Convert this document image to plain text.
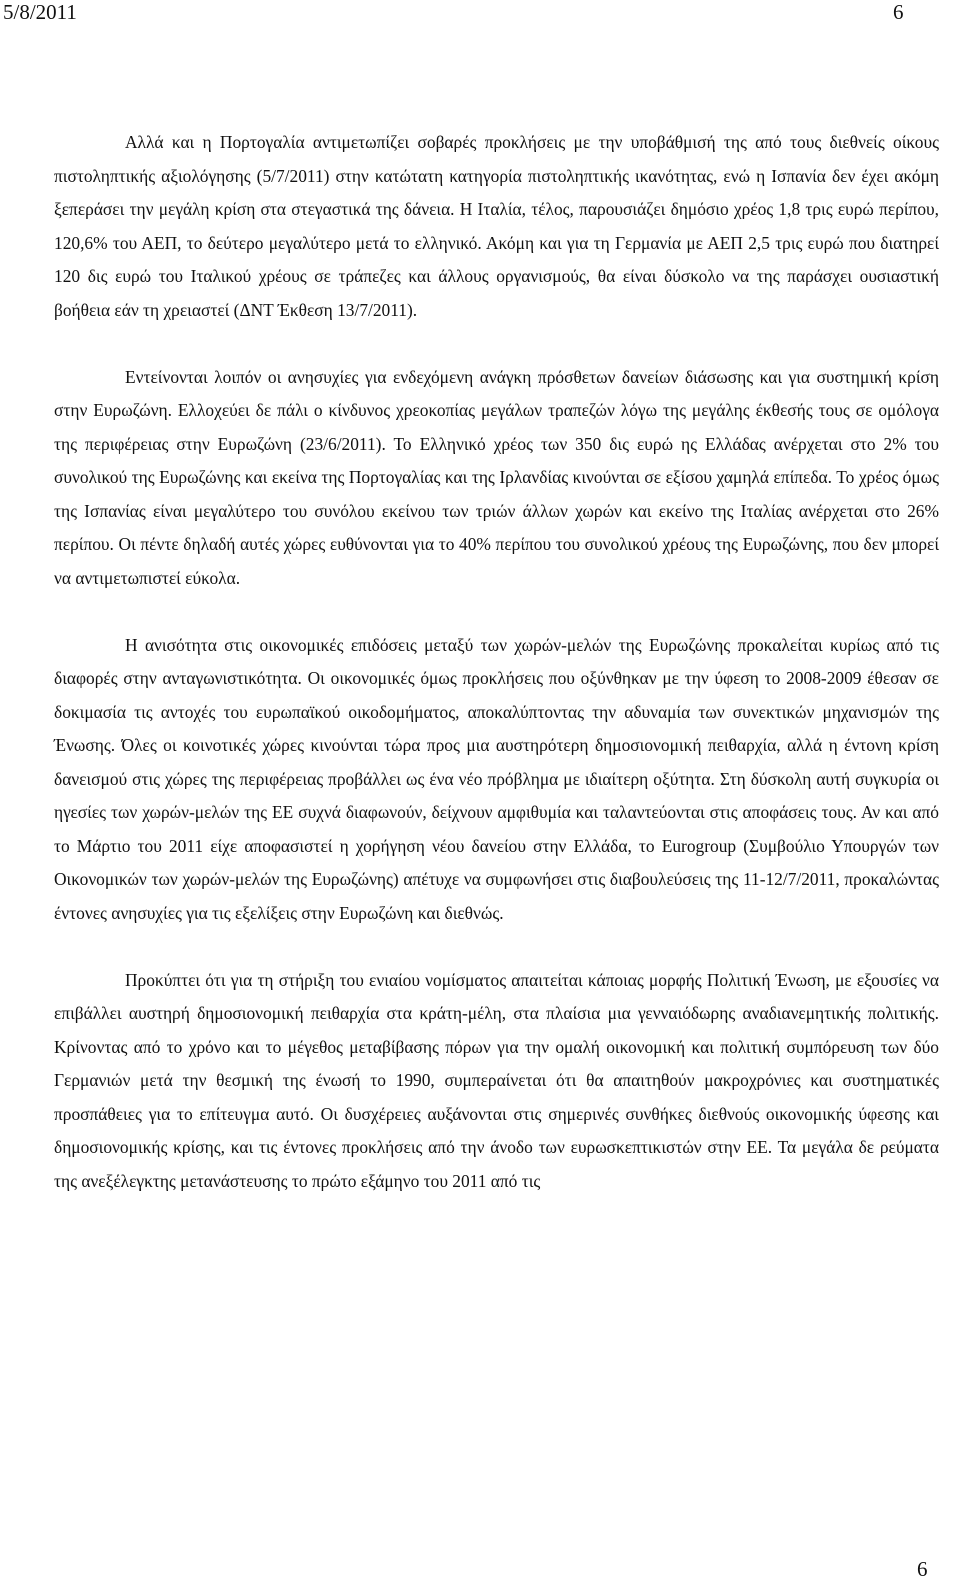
5/8/2011	6

Αλλά και η Πορτογαλία αντιμετωπίζει σοβαρές προκλήσεις με την υποβάθμισή της από τους διεθνείς οίκους πιστοληπτικής αξιολόγησης (5/7/2011) στην κατώτατη κατηγορία πιστοληπτικής ικανότητας, ενώ η Ισπανία δεν έχει ακόμη ξεπεράσει την μεγάλη κρίση στα στεγαστικά της δάνεια. Η Ιταλία, τέλος, παρουσιάζει δημόσιο χρέος 1,8 τρις ευρώ περίπου, 120,6% του ΑΕΠ, το δεύτερο μεγαλύτερο μετά το ελληνικό. Ακόμη και για τη Γερμανία με ΑΕΠ 2,5 τρις ευρώ που διατηρεί 120 δις ευρώ του Ιταλικού χρέους σε τράπεζες και άλλους οργανισμούς, θα είναι δύσκολο να της παράσχει ουσιαστική βοήθεια εάν τη χρειαστεί (ΔΝΤ Έκθεση 13/7/2011).

Εντείνονται λοιπόν οι ανησυχίες για ενδεχόμενη ανάγκη πρόσθετων δανείων διάσωσης και για συστημική κρίση στην Ευρωζώνη. Ελλοχεύει δε πάλι ο κίνδυνος χρεοκοπίας μεγάλων τραπεζών λόγω της μεγάλης έκθεσής τους σε ομόλογα της περιφέρειας στην Ευρωζώνη (23/6/2011). Το Ελληνικό χρέος των 350 δις ευρώ ης Ελλάδας ανέρχεται στο 2% του συνολικού της Ευρωζώνης και εκείνα της Πορτογαλίας και της Ιρλανδίας κινούνται σε εξίσου χαμηλά επίπεδα. Το χρέος όμως της Ισπανίας είναι μεγαλύτερο του συνόλου εκείνου των τριών άλλων χωρών και εκείνο της Ιταλίας ανέρχεται στο 26% περίπου. Οι πέντε δηλαδή αυτές χώρες ευθύνονται για το 40% περίπου του συνολικού χρέους της Ευρωζώνης, που δεν μπορεί να αντιμετωπιστεί εύκολα.

Η ανισότητα στις οικονομικές επιδόσεις μεταξύ των χωρών-μελών της Ευρωζώνης προκαλείται κυρίως από τις διαφορές στην ανταγωνιστικότητα. Οι οικονομικές όμως προκλήσεις που οξύνθηκαν με την ύφεση το 2008-2009 έθεσαν σε δοκιμασία τις αντοχές του ευρωπαϊκού οικοδομήματος, αποκαλύπτοντας την αδυναμία των συνεκτικών μηχανισμών της Ένωσης. Όλες οι κοινοτικές χώρες κινούνται τώρα προς μια αυστηρότερη δημοσιονομική πειθαρχία, αλλά η έντονη κρίση δανεισμού στις χώρες της περιφέρειας προβάλλει ως ένα νέο πρόβλημα με ιδιαίτερη οξύτητα. Στη δύσκολη αυτή συγκυρία οι ηγεσίες των χωρών-μελών της ΕΕ συχνά διαφωνούν, δείχνουν αμφιθυμία και ταλαντεύονται στις αποφάσεις τους. Αν και από το Μάρτιο του 2011 είχε αποφασιστεί η χορήγηση νέου δανείου στην Ελλάδα, το Eurogroup (Συμβούλιο Υπουργών των Οικονομικών των χωρών-μελών της Ευρωζώνης) απέτυχε να συμφωνήσει στις διαβουλεύσεις της 11-12/7/2011, προκαλώντας έντονες ανησυχίες για τις εξελίξεις στην Ευρωζώνη και διεθνώς.

Προκύπτει ότι για τη στήριξη του ενιαίου νομίσματος απαιτείται κάποιας μορφής Πολιτική Ένωση, με εξουσίες να επιβάλλει αυστηρή δημοσιονομική πειθαρχία στα κράτη-μέλη, στα πλαίσια μια γενναιόδωρης αναδιανεμητικής πολιτικής. Κρίνοντας από το χρόνο και το μέγεθος μεταβίβασης πόρων για την ομαλή οικονομική και πολιτική συμπόρευση των δύο Γερμανιών μετά την θεσμική της ένωσή το 1990, συμπεραίνεται ότι θα απαιτηθούν μακροχρόνιες και συστηματικές προσπάθειες για το επίτευγμα αυτό. Οι δυσχέρειες αυξάνονται στις σημερινές συνθήκες διεθνούς οικονομικής ύφεσης και δημοσιονομικής κρίσης, και τις έντονες προκλήσεις από την άνοδο των ευρωσκεπτικιστών στην ΕΕ. Τα μεγάλα δε ρεύματα της ανεξέλεγκτης μετανάστευσης το πρώτο εξάμηνο του 2011 από τις

6
